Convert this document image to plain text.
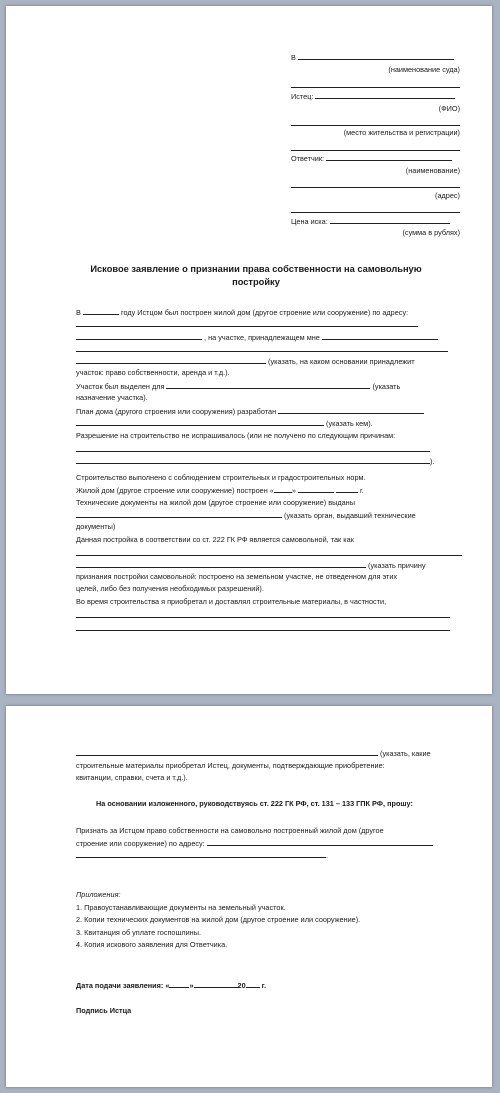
В
(наименование суда)
Истец:
(ФИО)
(место жительства и регистрации)
Ответчик:
(наименование)
(адрес)
Цена иска:
(сумма в рублях)
Исковое заявление о признании права собственности на самовольную постройку
В	году Истцом был построен жилой дом (другое строение или сооружение) по адресу:
, на участке, принадлежащем мне
(указать, на каком основании принадлежит
участок: право собственности, аренда и т.д.).
Участок был выделен для	(указать
назначение участка).
План дома (другого строения или сооружения) разработан
(указать кем).
Разрешение на строительство не испрашивалось (или не получено по следующим причинам:
).
Строительство выполнено с соблюдением строительных и градостроительных норм.
Жилой дом (другое строение или сооружение) построен « »	г.
Технические документы на жилой дом (другое строение или сооружение) выданы
(указать орган, выдавший технические
документы)
Данная постройка в соответствии со ст. 222 ГК РФ является самовольной, так как
(указать причину
признания постройки самовольной: построено на земельном участке, не отведенном для этих
целей, либо без получения необходимых разрешений).
Во время строительства я приобретал и доставлял строительные материалы, в частности,
(указать, какие
строительные материалы приобретал Истец, документы, подтверждающие приобретение:
квитанции, справки, счета и т.д.).
На основании изложенного, руководствуясь ст. 222 ГК РФ, ст. 131 – 133 ГПК РФ, прошу:
Признать за Истцом право собственности на самовольно построенный жилой дом (другое
строение или сооружение) по адресу:
.
Приложения:
1. Правоустанавливающие документы на земельный участок.
2. Копии технических документов на жилой дом (другое строение или сооружение).
3. Квитанция об уплате госпошлины.
4. Копия искового заявления для Ответчика.
Дата подачи заявления: «	»	20 г.
Подпись Истца
